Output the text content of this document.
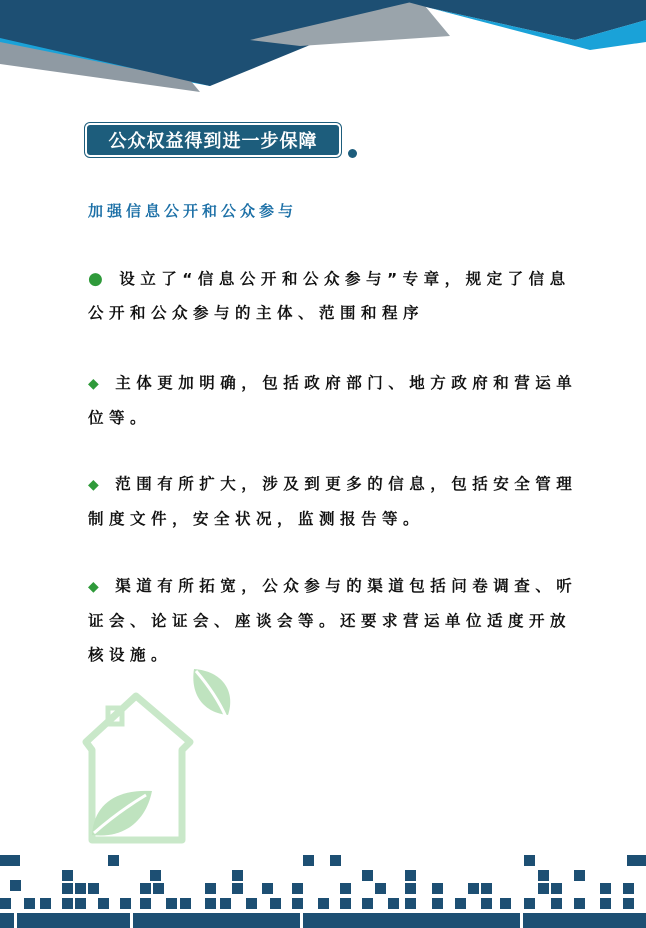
公众权益得到进一步保障
加强信息公开和公众参与
● 设立了“信息公开和公众参与”专章，规定了信息公开和公众参与的主体、范围和程序
◆ 主体更加明确，包括政府部门、地方政府和营运单位等。
◆ 范围有所扩大，涉及到更多的信息，包括安全管理制度文件，安全状况，监测报告等。
◆ 渠道有所拓宽，公众参与的渠道包括问卷调查、听证会、论证会、座谈会等。还要求营运单位适度开放核设施。
